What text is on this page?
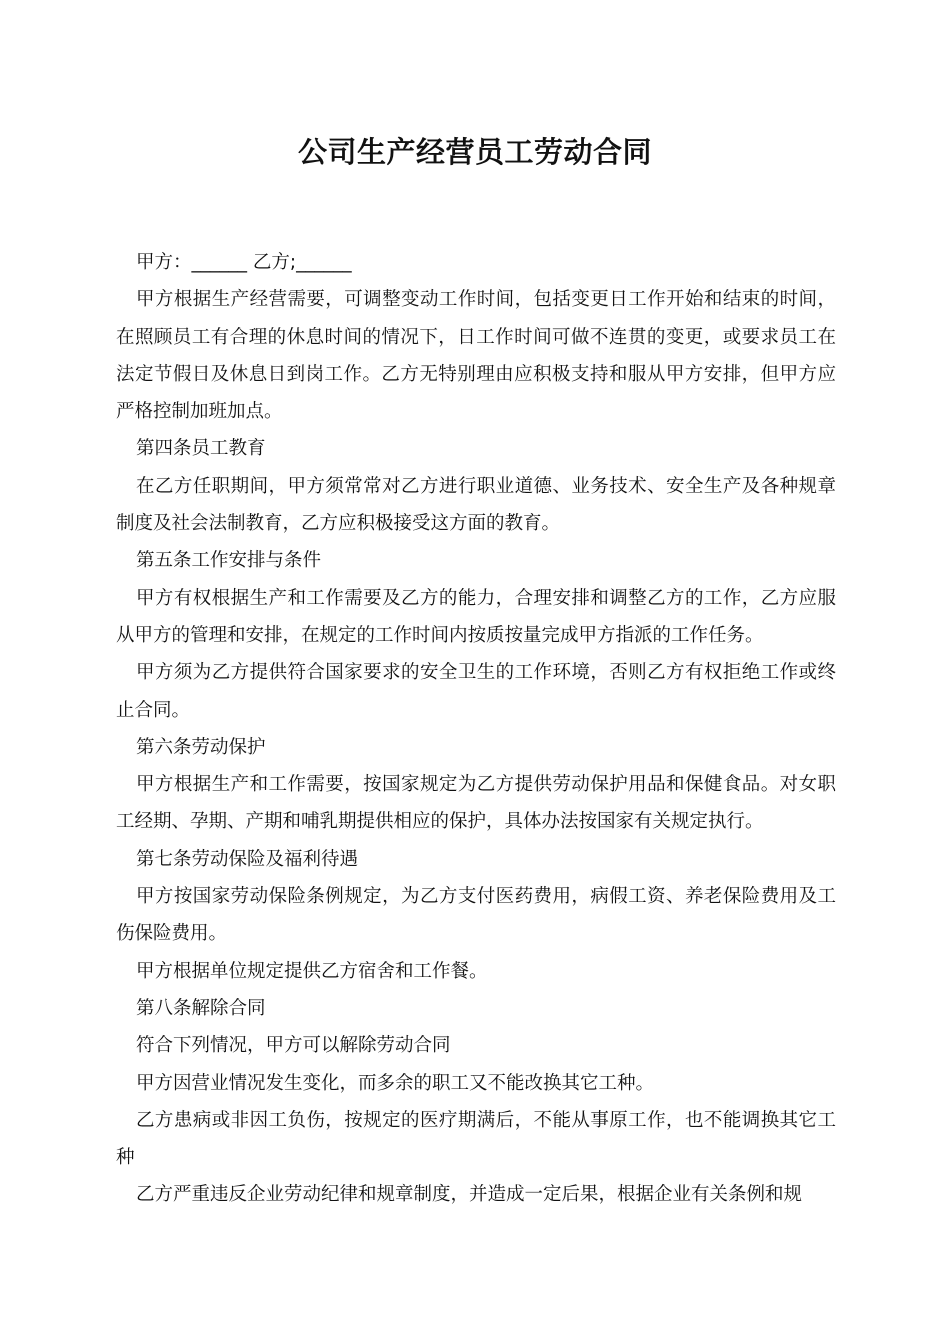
公司生产经营员工劳动合同

甲方：______ 乙方;______

甲方根据生产经营需要，可调整变动工作时间，包括变更日工作开始和结束的时间，在照顾员工有合理的休息时间的情况下，日工作时间可做不连贯的变更，或要求员工在法定节假日及休息日到岗工作。乙方无特别理由应积极支持和服从甲方安排，但甲方应严格控制加班加点。

第四条员工教育

在乙方任职期间，甲方须常常对乙方进行职业道德、业务技术、安全生产及各种规章制度及社会法制教育，乙方应积极接受这方面的教育。

第五条工作安排与条件

甲方有权根据生产和工作需要及乙方的能力，合理安排和调整乙方的工作，乙方应服从甲方的管理和安排，在规定的工作时间内按质按量完成甲方指派的工作任务。

甲方须为乙方提供符合国家要求的安全卫生的工作环境，否则乙方有权拒绝工作或终止合同。

第六条劳动保护

甲方根据生产和工作需要，按国家规定为乙方提供劳动保护用品和保健食品。对女职工经期、孕期、产期和哺乳期提供相应的保护，具体办法按国家有关规定执行。

第七条劳动保险及福利待遇

甲方按国家劳动保险条例规定，为乙方支付医药费用，病假工资、养老保险费用及工伤保险费用。

甲方根据单位规定提供乙方宿舍和工作餐。

第八条解除合同

符合下列情况，甲方可以解除劳动合同

甲方因营业情况发生变化，而多余的职工又不能改换其它工种。

乙方患病或非因工负伤，按规定的医疗期满后，不能从事原工作，也不能调换其它工种

乙方严重违反企业劳动纪律和规章制度，并造成一定后果，根据企业有关条例和规
